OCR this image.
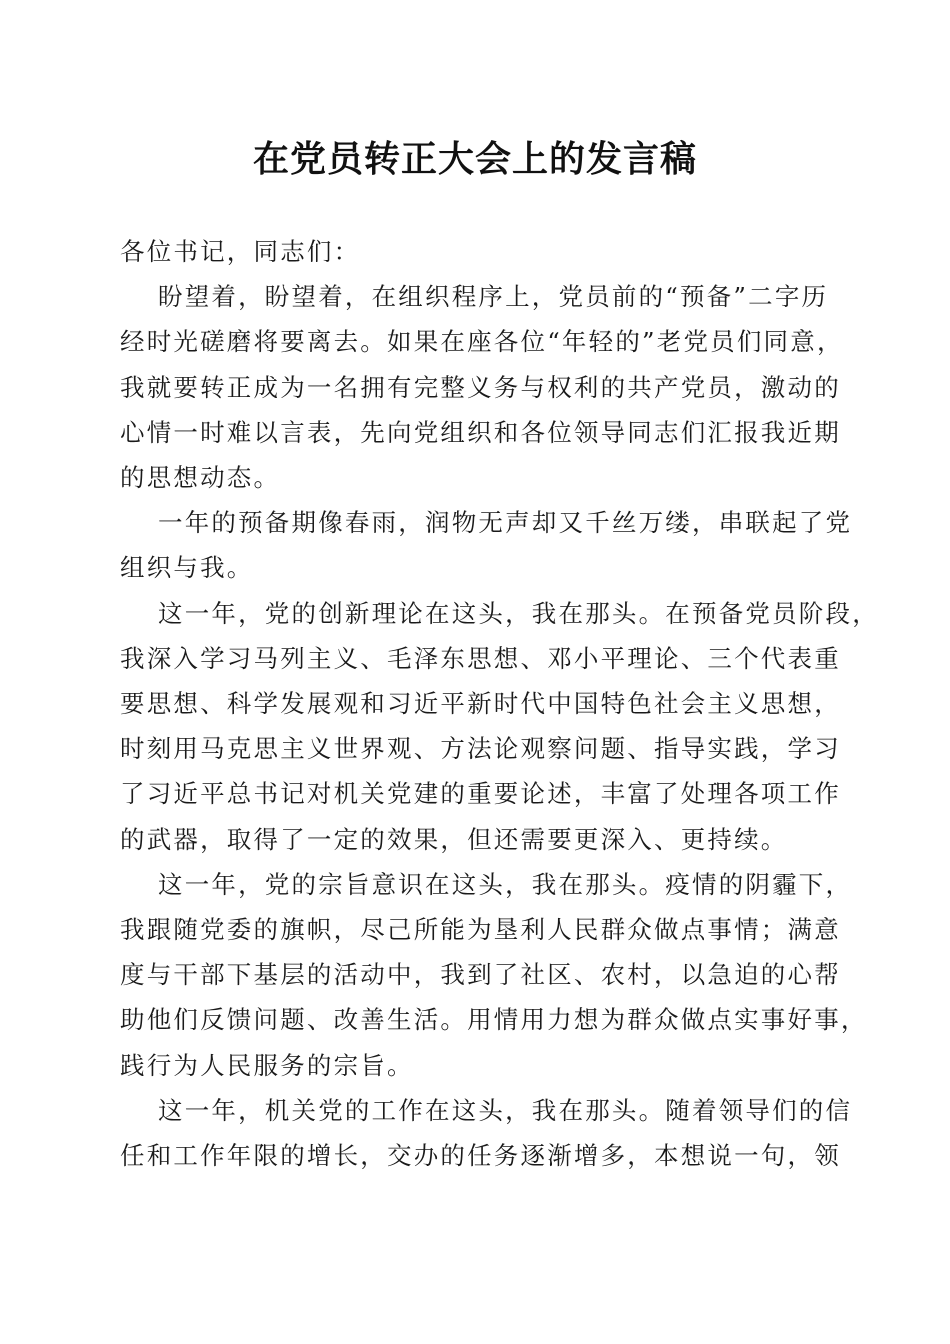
在党员转正大会上的发言稿

各位书记，同志们：

盼望着，盼望着，在组织程序上，党员前的“预备”二字历
经时光磋磨将要离去。如果在座各位“年轻的”老党员们同意，
我就要转正成为一名拥有完整义务与权利的共产党员，激动的
心情一时难以言表，先向党组织和各位领导同志们汇报我近期
的思想动态。

一年的预备期像春雨，润物无声却又千丝万缕，串联起了党
组织与我。

这一年，党的创新理论在这头，我在那头。在预备党员阶段，
我深入学习马列主义、毛泽东思想、邓小平理论、三个代表重
要思想、科学发展观和习近平新时代中国特色社会主义思想，
时刻用马克思主义世界观、方法论观察问题、指导实践，学习
了习近平总书记对机关党建的重要论述，丰富了处理各项工作
的武器，取得了一定的效果，但还需要更深入、更持续。

这一年，党的宗旨意识在这头，我在那头。疫情的阴霾下，
我跟随党委的旗帜，尽己所能为垦利人民群众做点事情；满意
度与干部下基层的活动中，我到了社区、农村，以急迫的心帮
助他们反馈问题、改善生活。用情用力想为群众做点实事好事，
践行为人民服务的宗旨。

这一年，机关党的工作在这头，我在那头。随着领导们的信
任和工作年限的增长，交办的任务逐渐增多，本想说一句，领
